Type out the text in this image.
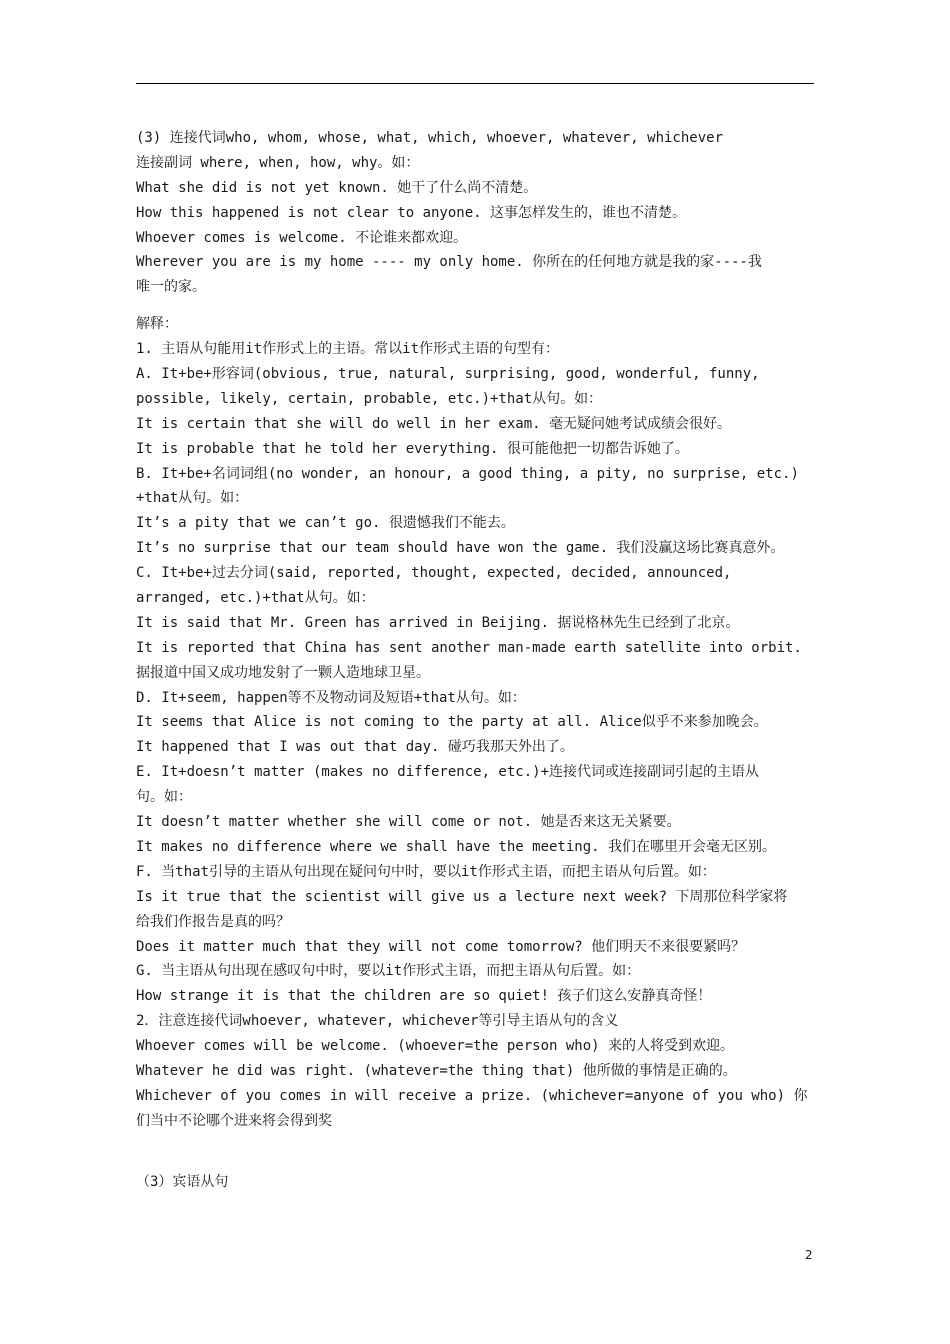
(3) 连接代词who, whom, whose, what, which, whoever, whatever, whichever
连接副词 where, when, how, why。如：
What she did is not yet known. 她干了什么尚不清楚。
How this happened is not clear to anyone. 这事怎样发生的，谁也不清楚。
Whoever comes is welcome. 不论谁来都欢迎。
Wherever you are is my home ---- my only home. 你所在的任何地方就是我的家----我
唯一的家。
解释：
1. 主语从句能用it作形式上的主语。常以it作形式主语的句型有：
A. It+be+形容词(obvious, true, natural, surprising, good, wonderful, funny,
possible, likely, certain, probable, etc.)+that从句。如：
It is certain that she will do well in her exam. 毫无疑问她考试成绩会很好。
It is probable that he told her everything. 很可能他把一切都告诉她了。
B. It+be+名词词组(no wonder, an honour, a good thing, a pity, no surprise, etc.)
+that从句。如：
It’s a pity that we can’t go. 很遗憾我们不能去。
It’s no surprise that our team should have won the game. 我们没赢这场比赛真意外。
C. It+be+过去分词(said, reported, thought, expected, decided, announced,
arranged, etc.)+that从句。如：
It is said that Mr. Green has arrived in Beijing. 据说格林先生已经到了北京。
It is reported that China has sent another man-made earth satellite into orbit.
据报道中国又成功地发射了一颗人造地球卫星。
D. It+seem, happen等不及物动词及短语+that从句。如：
It seems that Alice is not coming to the party at all. Alice似乎不来参加晚会。
It happened that I was out that day. 碰巧我那天外出了。
E. It+doesn’t matter (makes no difference, etc.)+连接代词或连接副词引起的主语从
句。如：
It doesn’t matter whether she will come or not. 她是否来这无关紧要。
It makes no difference where we shall have the meeting. 我们在哪里开会毫无区别。
F. 当that引导的主语从句出现在疑问句中时，要以it作形式主语，而把主语从句后置。如：
Is it true that the scientist will give us a lecture next week? 下周那位科学家将
给我们作报告是真的吗？
Does it matter much that they will not come tomorrow? 他们明天不来很要紧吗？
G. 当主语从句出现在感叹句中时，要以it作形式主语，而把主语从句后置。如：
How strange it is that the children are so quiet! 孩子们这么安静真奇怪！
2．注意连接代词whoever, whatever, whichever等引导主语从句的含义
Whoever comes will be welcome. (whoever=the person who) 来的人将受到欢迎。
Whatever he did was right. (whatever=the thing that) 他所做的事情是正确的。
Whichever of you comes in will receive a prize. (whichever=anyone of you who) 你
们当中不论哪个进来将会得到奖
（3）宾语从句
2
